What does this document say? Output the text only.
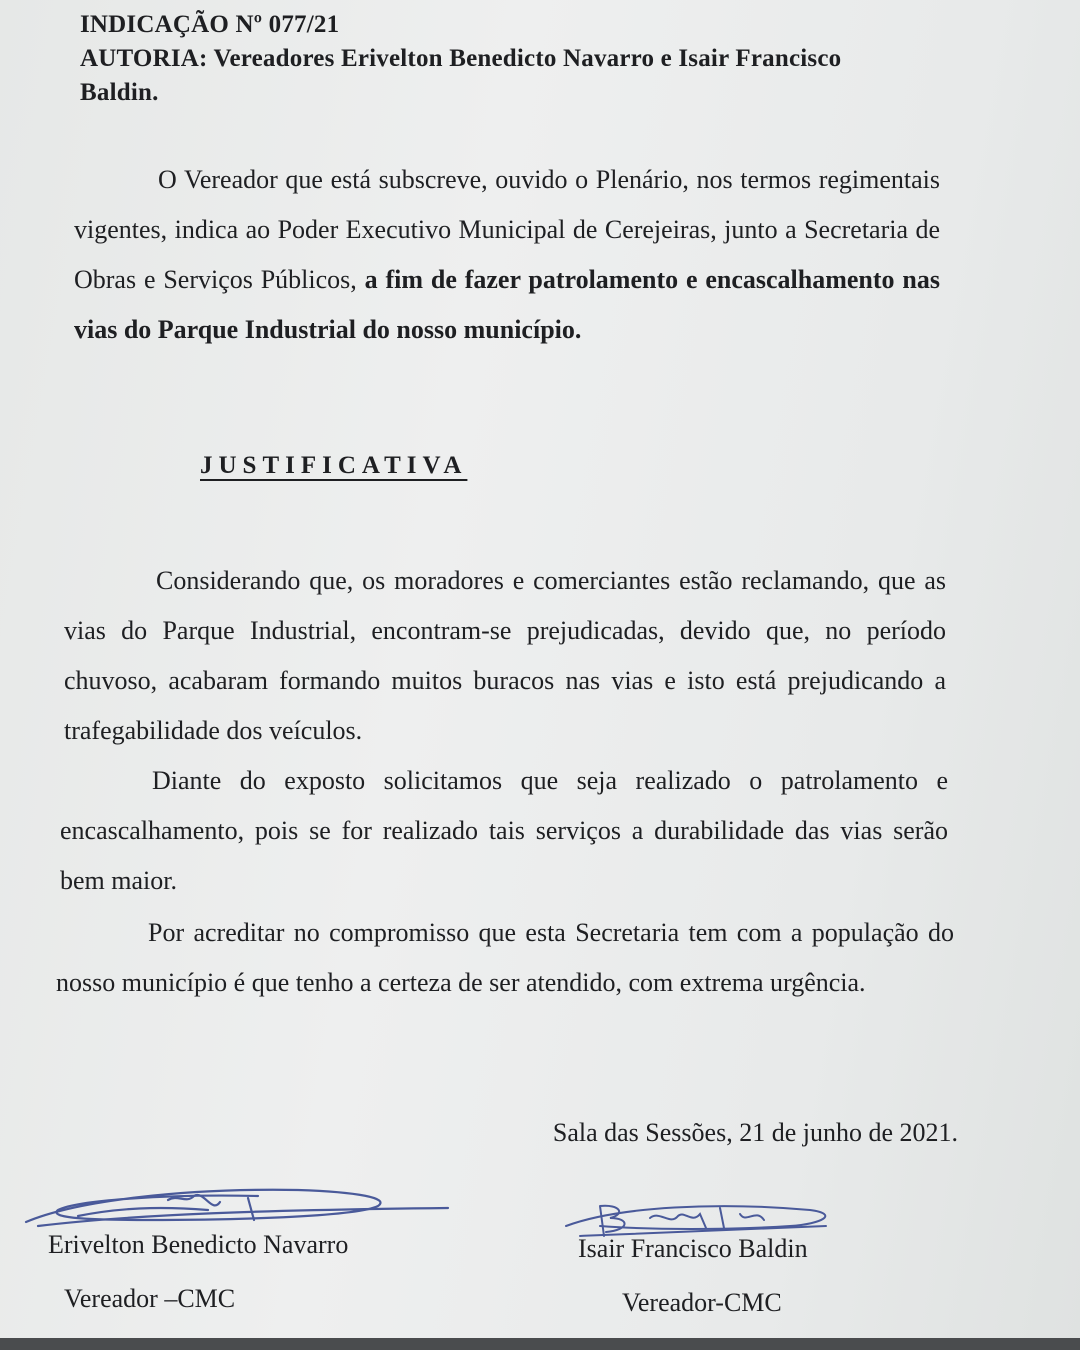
INDICAÇÃO Nº 077/21
AUTORIA: Vereadores Erivelton Benedicto Navarro e Isair Francisco
Baldin.

O Vereador que está subscreve, ouvido o Plenário, nos termos regimentais vigentes, indica ao Poder Executivo Municipal de Cerejeiras, junto a Secretaria de Obras e Serviços Públicos, a fim de fazer patrolamento e encascalhamento nas vias do Parque Industrial do nosso município.

JUSTIFICATIVA

Considerando que, os moradores e comerciantes estão reclamando, que as vias do Parque Industrial, encontram-se prejudicadas, devido que, no período chuvoso, acabaram formando muitos buracos nas vias e isto está prejudicando a trafegabilidade dos veículos.

Diante do exposto solicitamos que seja realizado o patrolamento e encascalhamento, pois se for realizado tais serviços a durabilidade das vias serão bem maior.

Por acreditar no compromisso que esta Secretaria tem com a população do nosso município é que tenho a certeza de ser atendido, com extrema urgência.

Sala das Sessões, 21 de junho de 2021.
Erivelton Benedicto Navarro
Vereador –CMC
Isair Francisco Baldin
Vereador-CMC
